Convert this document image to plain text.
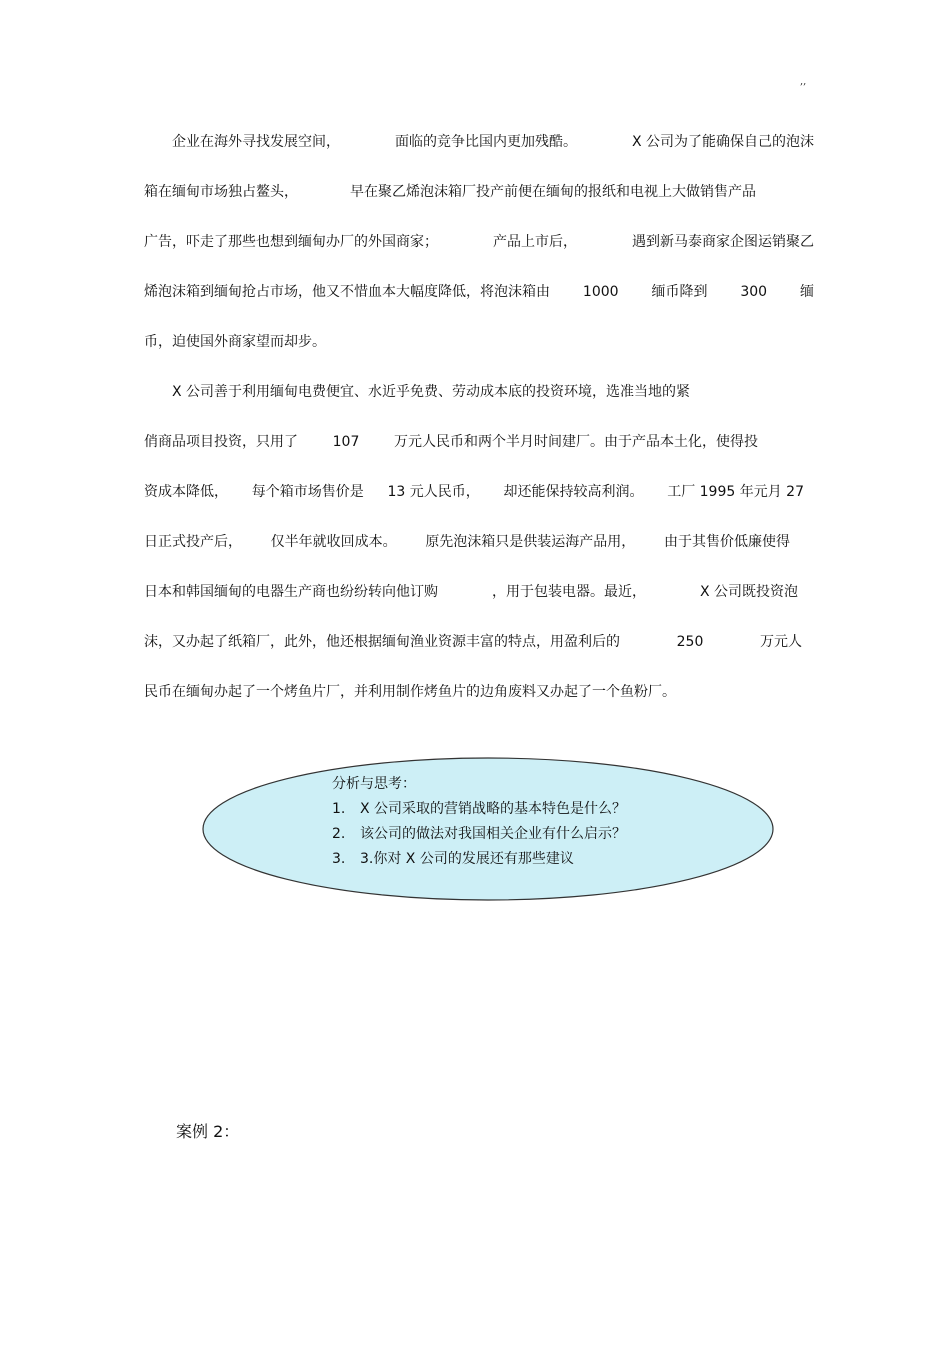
,,
　　企业在海外寻找发展空间，	面临的竞争比国内更加残酷。	X 公司为了能确保自己的泡沫
箱在缅甸市场独占鳌头，	早在聚乙烯泡沫箱厂投产前便在缅甸的报纸和电视上大做销售产品
广告，吓走了那些也想到缅甸办厂的外国商家；	产品上市后，	遇到新马泰商家企图运销聚乙
烯泡沫箱到缅甸抢占市场，他又不惜血本大幅度降低，将泡沫箱由 1000 缅币降到 300 缅
币，迫使国外商家望而却步。
　　X 公司善于利用缅甸电费便宜、水近乎免费、劳动成本底的投资环境，选准当地的紧
俏商品项目投资，只用了 107 万元人民币和两个半月时间建厂。由于产品本土化，使得投
资成本降低， 每个箱市场售价是 13 元人民币， 却还能保持较高利润。 工厂 1995 年元月 27
日正式投产后， 仅半年就收回成本。 原先泡沫箱只是供装运海产品用， 由于其售价低廉使得
日本和韩国缅甸的电器生产商也纷纷转向他订购	，用于包装电器。最近，	X 公司既投资泡
沫，又办起了纸箱厂，此外，他还根据缅甸渔业资源丰富的特点，用盈利后的	250	万元人
民币在缅甸办起了一个烤鱼片厂，并利用制作烤鱼片的边角废料又办起了一个鱼粉厂。
分析与思考：
1.	X 公司采取的营销战略的基本特色是什么？
2.	该公司的做法对我国相关企业有什么启示？
3.	3.你对 X 公司的发展还有那些建议
案例 2：
